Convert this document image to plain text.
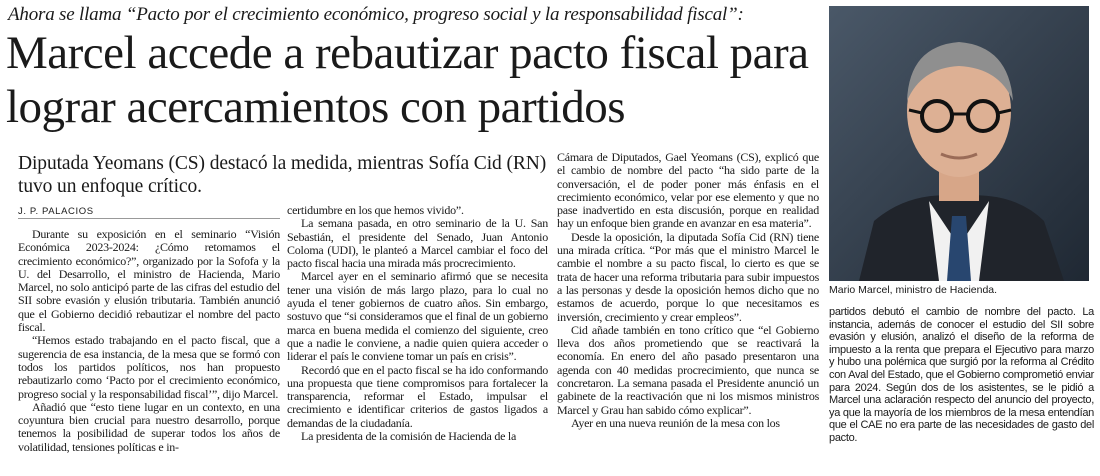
Ahora se llama “Pacto por el crecimiento económico, progreso social y la responsabilidad fiscal”:
Marcel accede a rebautizar pacto fiscal para lograr acercamientos con partidos
Diputada Yeomans (CS) destacó la medida, mientras Sofía Cid (RN) tuvo un enfoque crítico.
J. P. PALACIOS

Durante su exposición en el seminario “Visión Económica 2023-2024: ¿Cómo retomamos el crecimiento económico?”, organizado por la Sofofa y la U. del Desarrollo, el ministro de Hacienda, Mario Marcel, no solo anticipó parte de las cifras del estudio del SII sobre evasión y elusión tributaria. También anunció que el Gobierno decidió rebautizar el nombre del pacto fiscal.

“Hemos estado trabajando en el pacto fiscal, que a sugerencia de esa instancia, de la mesa que se formó con todos los partidos políticos, nos han propuesto rebautizarlo como ‘Pacto por el crecimiento económico, progreso social y la responsabilidad fiscal’”, dijo Marcel.

Añadió que “esto tiene lugar en un contexto, en una coyuntura bien crucial para nuestro desarrollo, porque tenemos la posibilidad de superar todos los años de volatilidad, tensiones políticas e in-

certidumbre en los que hemos vivido”.

La semana pasada, en otro seminario de la U. San Sebastián, el presidente del Senado, Juan Antonio Coloma (UDI), le planteó a Marcel cambiar el foco del pacto fiscal hacia una mirada más procrecimiento.

Marcel ayer en el seminario afirmó que se necesita tener una visión de más largo plazo, para lo cual no ayuda el tener gobiernos de cuatro años. Sin embargo, sostuvo que “si consideramos que el final de un gobierno marca en buena medida el comienzo del siguiente, creo que a nadie le conviene, a nadie quien quiera acceder o liderar el país le conviene tomar un país en crisis”.

Recordó que en el pacto fiscal se ha ido conformando una propuesta que tiene compromisos para fortalecer la transparencia, reformar el Estado, impulsar el crecimiento e identificar criterios de gastos ligados a demandas de la ciudadanía.

La presidenta de la comisión de Hacienda de la

Cámara de Diputados, Gael Yeomans (CS), explicó que el cambio de nombre del pacto “ha sido parte de la conversación, el de poder poner más énfasis en el crecimiento económico, velar por ese elemento y que no pase inadvertido en esta discusión, porque en realidad hay un enfoque bien grande en avanzar en esa materia”.

Desde la oposición, la diputada Sofía Cid (RN) tiene una mirada crítica. “Por más que el ministro Marcel le cambie el nombre a su pacto fiscal, lo cierto es que se trata de hacer una reforma tributaria para subir impuestos a las personas y desde la oposición hemos dicho que no estamos de acuerdo, porque lo que necesitamos es inversión, crecimiento y crear empleos”.

Cid añade también en tono crítico que “el Gobierno lleva dos años prometiendo que se reactivará la economía. En enero del año pasado presentaron una agenda con 40 medidas procrecimiento, que nunca se concretaron. La semana pasada el Presidente anunció un gabinete de la reactivación que ni los mismos ministros Marcel y Grau han sabido cómo explicar”.

Ayer en una nueva reunión de la mesa con los

Mario Marcel, ministro de Hacienda.
partidos debutó el cambio de nombre del pacto. La instancia, además de conocer el estudio del SII sobre evasión y elusión, analizó el diseño de la reforma de impuesto a la renta que prepara el Ejecutivo para marzo y hubo una polémica que surgió por la reforma al Crédito con Aval del Estado, que el Gobierno comprometió enviar para 2024. Según dos de los asistentes, se le pidió a Marcel una aclaración respecto del anuncio del proyecto, ya que la mayoría de los miembros de la mesa entendían que el CAE no era parte de las necesidades de gasto del pacto.
